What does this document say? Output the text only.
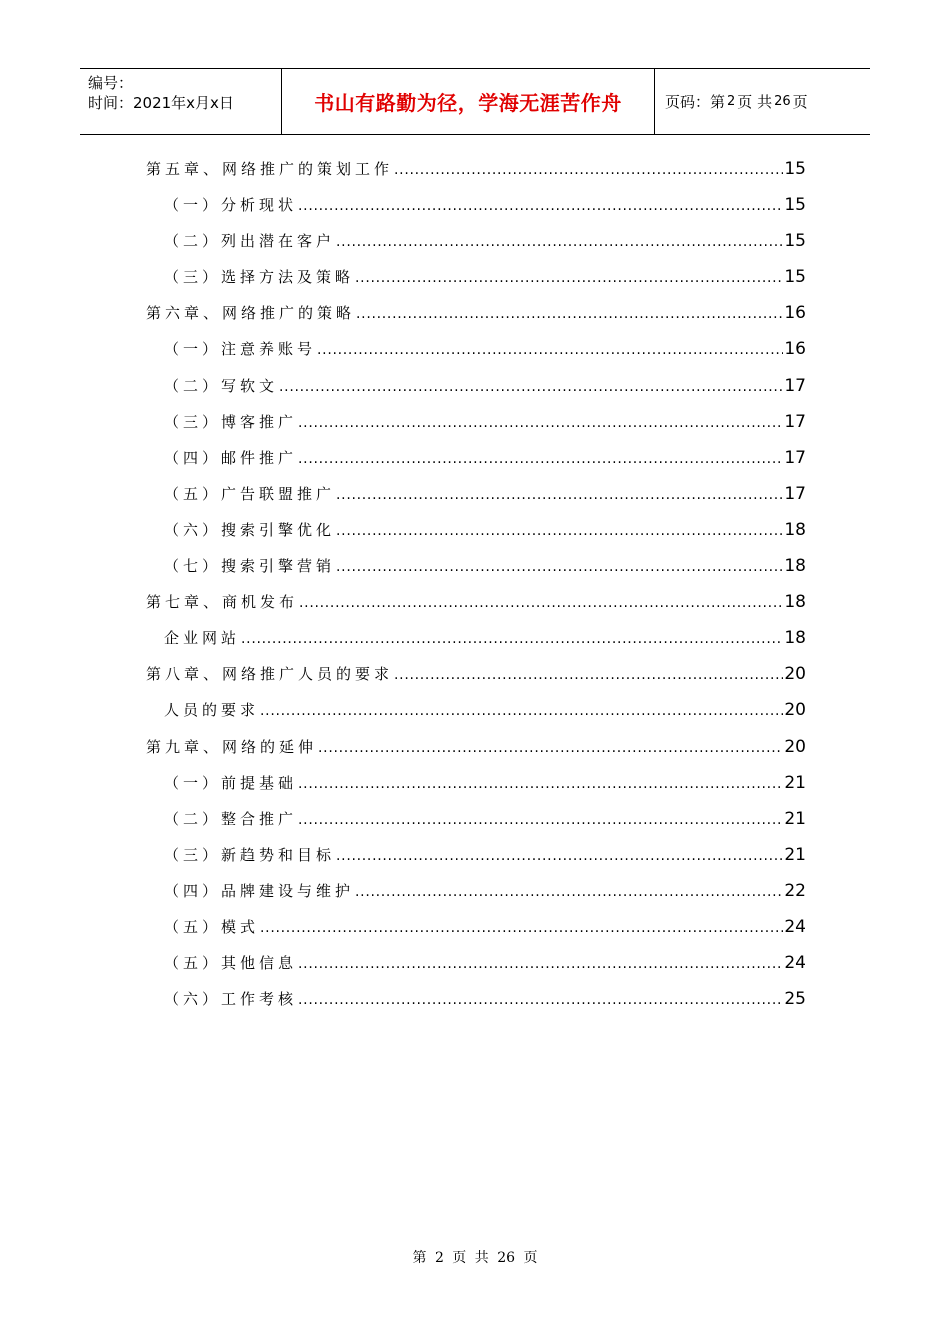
编号：
时间：2021年x月x日	书山有路勤为径，学海无涯苦作舟	页码：第 2 页 共 26 页
第五章、网络推广的策划工作 .....	15
（一）分析现状 .....	15
（二）列出潜在客户 .....	15
（三）选择方法及策略 .....	15
第六章、网络推广的策略 .....	16
（一）注意养账号 .....	16
（二）写软文 .....	17
（三）博客推广 .....	17
（四）邮件推广 .....	17
（五）广告联盟推广 .....	17
（六）搜索引擎优化 .....	18
（七）搜索引擎营销 .....	18
第七章、商机发布 .....	18
企业网站 .....	18
第八章、网络推广人员的要求 .....	20
人员的要求 .....	20
第九章、网络的延伸 .....	20
（一）前提基础 .....	21
（二）整合推广 .....	21
（三）新趋势和目标 .....	21
（四）品牌建设与维护 .....	22
（五）模式 .....	24
（五）其他信息 .....	24
（六）工作考核 .....	25
第 2 页 共 26 页
